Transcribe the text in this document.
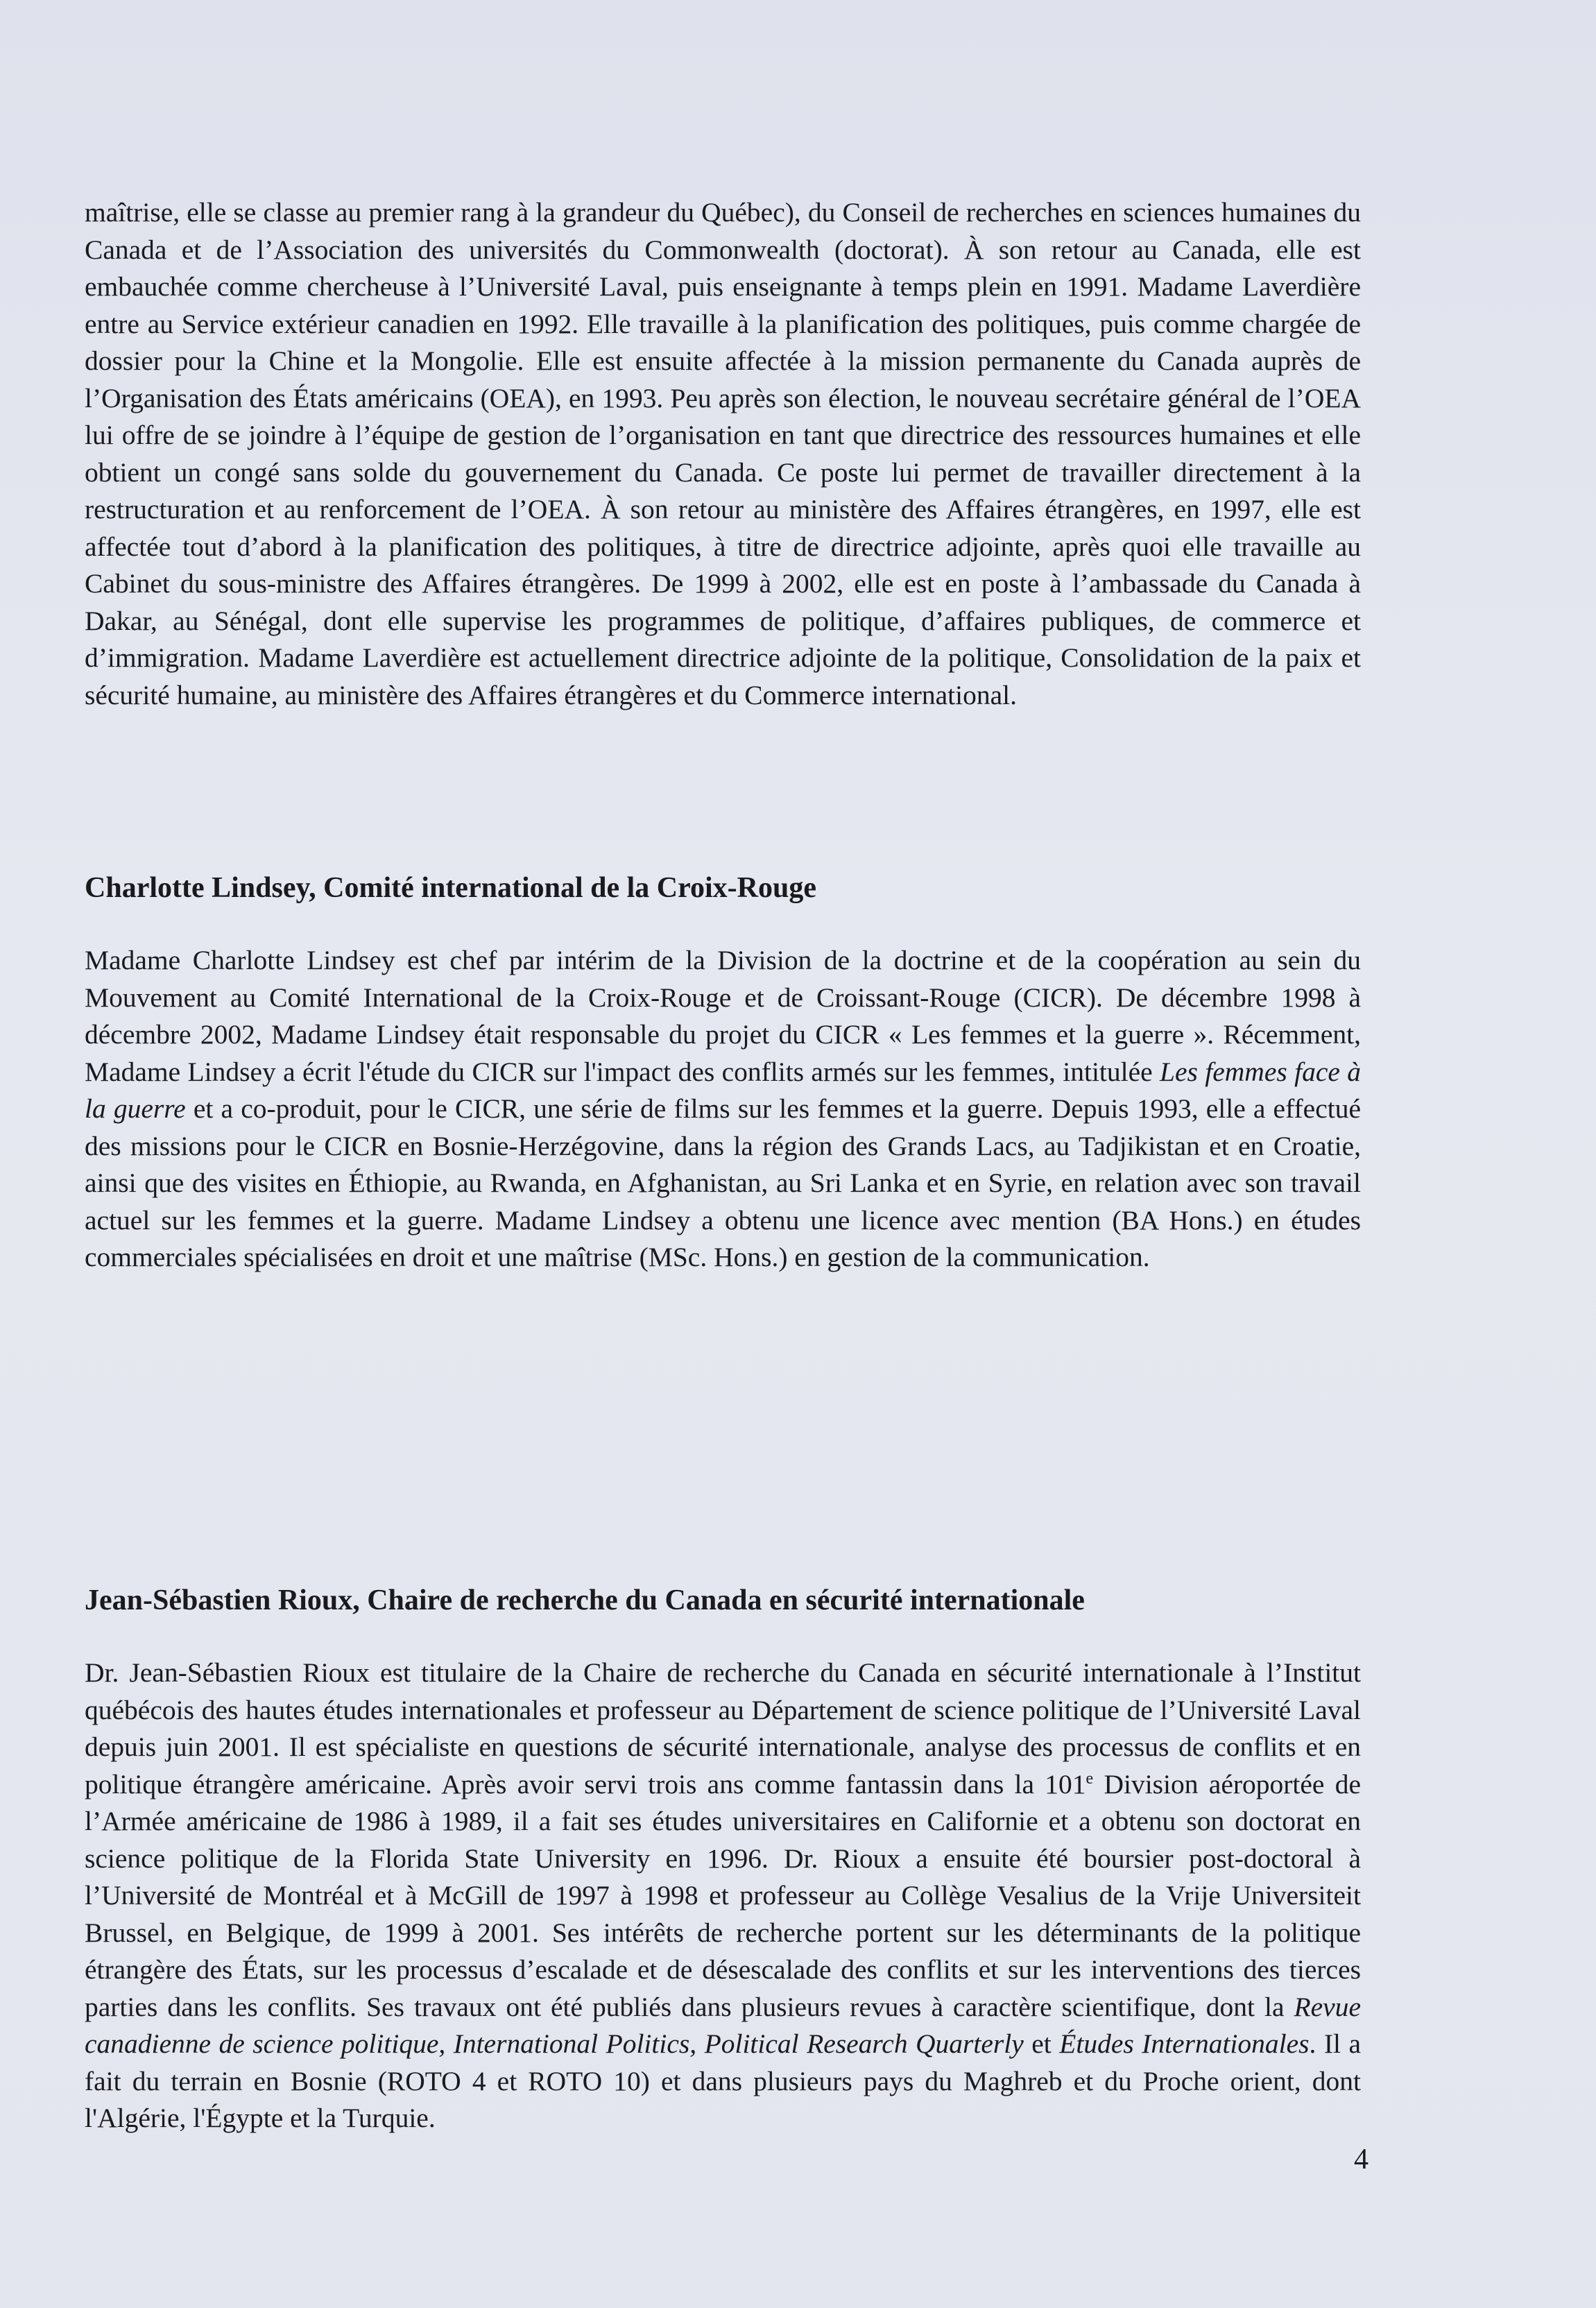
maîtrise, elle se classe au premier rang à la grandeur du Québec), du Conseil de recherches en sciences humaines du Canada et de l’Association des universités du Commonwealth (doctorat). À son retour au Canada, elle est embauchée comme chercheuse à l’Université Laval, puis enseignante à temps plein en 1991. Madame Laverdière entre au Service extérieur canadien en 1992. Elle travaille à la planification des politiques, puis comme chargée de dossier pour la Chine et la Mongolie. Elle est ensuite affectée à la mission permanente du Canada auprès de l’Organisation des États américains (OEA), en 1993. Peu après son élection, le nouveau secrétaire général de l’OEA lui offre de se joindre à l’équipe de gestion de l’organisation en tant que directrice des ressources humaines et elle obtient un congé sans solde du gouvernement du Canada. Ce poste lui permet de travailler directement à la restructuration et au renforcement de l’OEA. À son retour au ministère des Affaires étrangères, en 1997, elle est affectée tout d’abord à la planification des politiques, à titre de directrice adjointe, après quoi elle travaille au Cabinet du sous-ministre des Affaires étrangères. De 1999 à 2002, elle est en poste à l’ambassade du Canada à Dakar, au Sénégal, dont elle supervise les programmes de politique, d’affaires publiques, de commerce et d’immigration. Madame Laverdière est actuellement directrice adjointe de la politique, Consolidation de la paix et sécurité humaine, au ministère des Affaires étrangères et du Commerce international.

Charlotte Lindsey, Comité international de la Croix-Rouge

Madame Charlotte Lindsey est chef par intérim de la Division de la doctrine et de la coopération au sein du Mouvement au Comité International de la Croix-Rouge et de Croissant-Rouge (CICR). De décembre 1998 à décembre 2002, Madame Lindsey était responsable du projet du CICR « Les femmes et la guerre ». Récemment, Madame Lindsey a écrit l'étude du CICR sur l'impact des conflits armés sur les femmes, intitulée Les femmes face à la guerre et a co-produit, pour le CICR, une série de films sur les femmes et la guerre. Depuis 1993, elle a effectué des missions pour le CICR en Bosnie-Herzégovine, dans la région des Grands Lacs, au Tadjikistan et en Croatie, ainsi que des visites en Éthiopie, au Rwanda, en Afghanistan, au Sri Lanka et en Syrie, en relation avec son travail actuel sur les femmes et la guerre. Madame Lindsey a obtenu une licence avec mention (BA Hons.) en études commerciales spécialisées en droit et une maîtrise (MSc. Hons.) en gestion de la communication.

Jean-Sébastien Rioux, Chaire de recherche du Canada en sécurité internationale

Dr. Jean-Sébastien Rioux est titulaire de la Chaire de recherche du Canada en sécurité internationale à l’Institut québécois des hautes études internationales et professeur au Département de science politique de l’Université Laval depuis juin 2001. Il est spécialiste en questions de sécurité internationale, analyse des processus de conflits et en politique étrangère américaine. Après avoir servi trois ans comme fantassin dans la 101e Division aéroportée de l’Armée américaine de 1986 à 1989, il a fait ses études universitaires en Californie et a obtenu son doctorat en science politique de la Florida State University en 1996. Dr. Rioux a ensuite été boursier post-doctoral à l’Université de Montréal et à McGill de 1997 à 1998 et professeur au Collège Vesalius de la Vrije Universiteit Brussel, en Belgique, de 1999 à 2001. Ses intérêts de recherche portent sur les déterminants de la politique étrangère des États, sur les processus d’escalade et de désescalade des conflits et sur les interventions des tierces parties dans les conflits. Ses travaux ont été publiés dans plusieurs revues à caractère scientifique, dont la Revue canadienne de science politique, International Politics, Political Research Quarterly et Études Internationales. Il a fait du terrain en Bosnie (ROTO 4 et ROTO 10) et dans plusieurs pays du Maghreb et du Proche orient, dont l'Algérie, l'Égypte et la Turquie.

4
